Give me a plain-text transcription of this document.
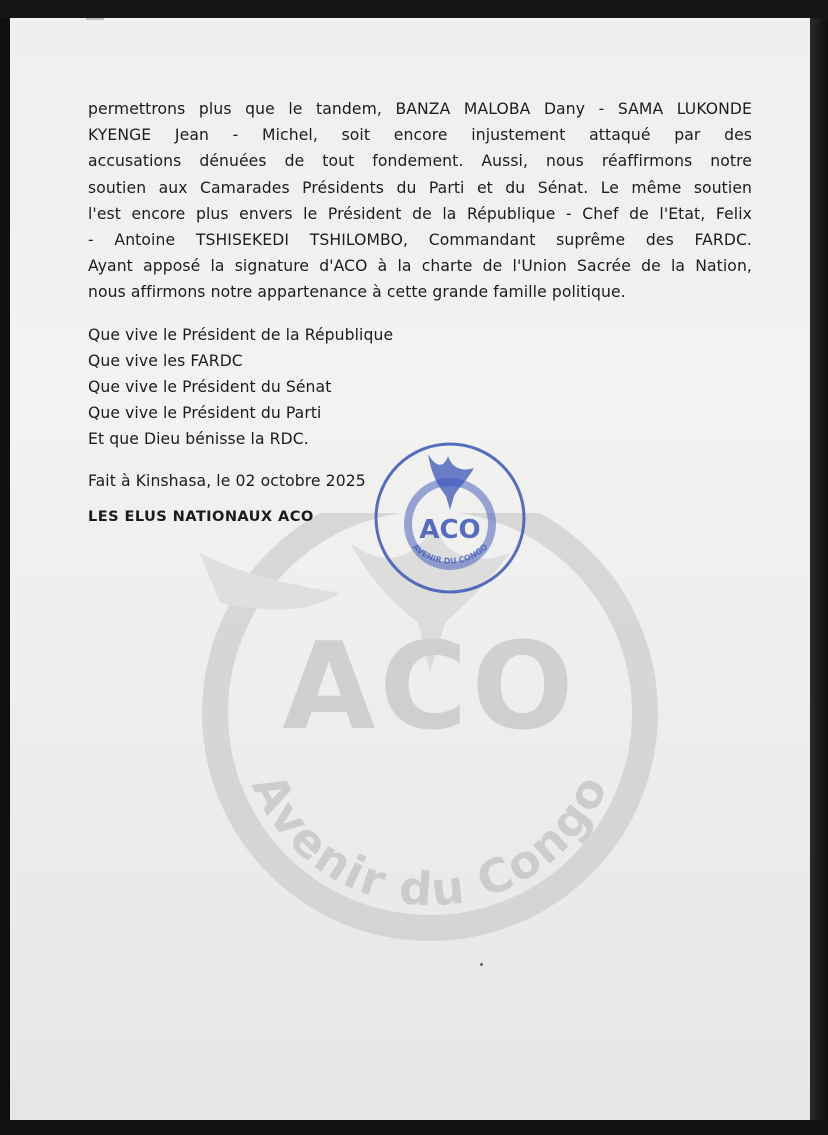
ACO
Avenir du Congo

permettrons plus que le tandem, BANZA MALOBA Dany - SAMA LUKONDE

KYENGE Jean - Michel, soit encore injustement attaqué par des

accusations dénuées de tout fondement. Aussi, nous réaffirmons notre

soutien aux Camarades Présidents du Parti et du Sénat. Le même soutien

l'est encore plus envers le Président de la République - Chef de l'Etat, Felix

- Antoine TSHISEKEDI TSHILOMBO, Commandant suprême des FARDC.

Ayant apposé la signature d'ACO à la charte de l'Union Sacrée de la Nation,

nous affirmons notre appartenance à cette grande famille politique.

Que vive le Président de la République
Que vive les FARDC
Que vive le Président du Sénat
Que vive le Président du Parti
Et que Dieu bénisse la RDC.
Fait à Kinshasa, le 02 octobre 2025
LES ELUS NATIONAUX ACO	ACO
AVENIR DU CONGO
